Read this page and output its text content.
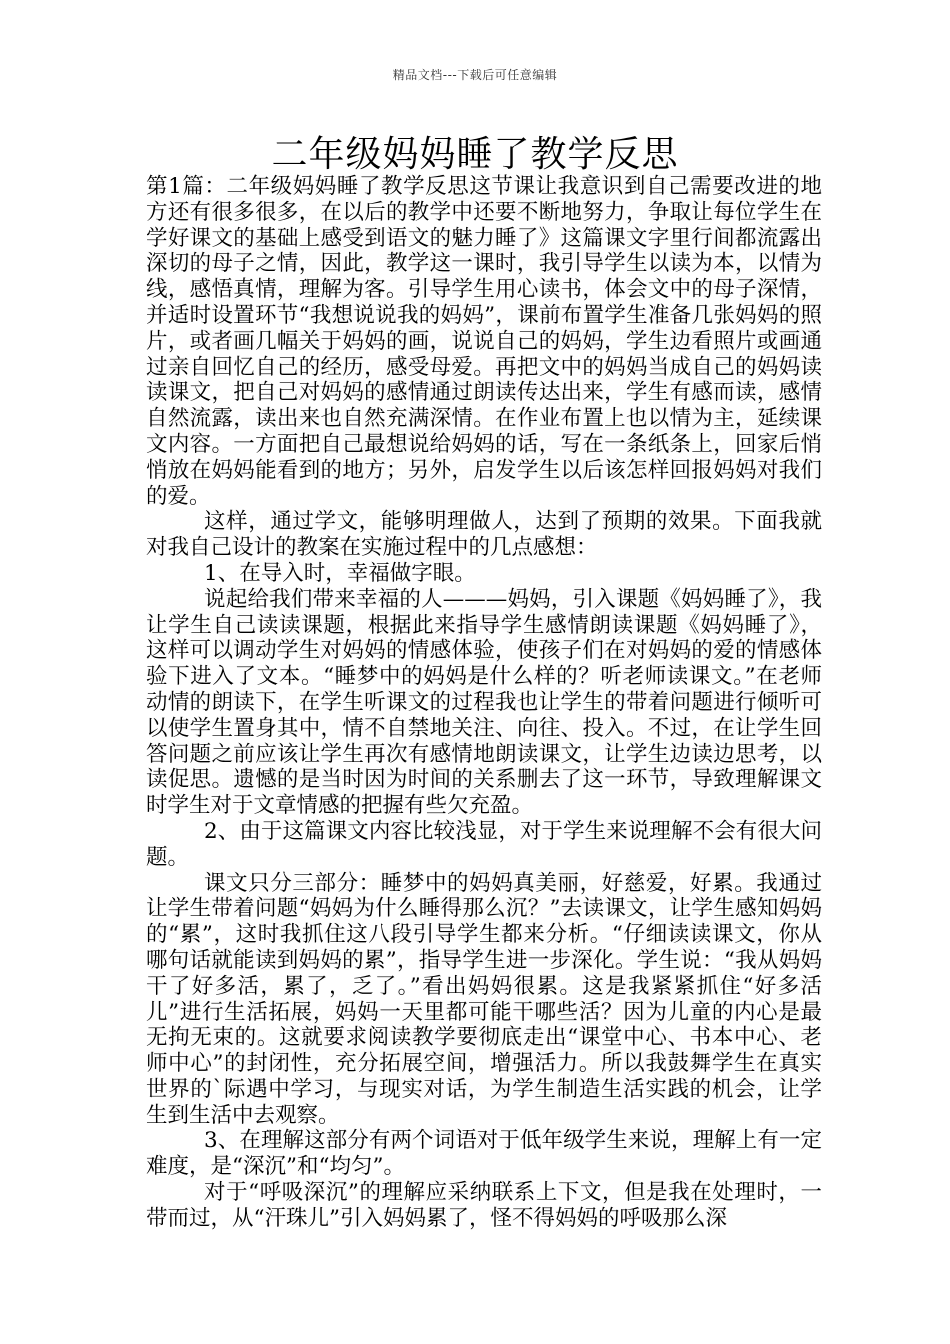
精品文档---下载后可任意编辑
二年级妈妈睡了教学反思

第1篇：二年级妈妈睡了教学反思这节课让我意识到自己需要改进的地方还有很多很多，在以后的教学中还要不断地努力，争取让每位学生在学好课文的基础上感受到语文的魅力睡了》这篇课文字里行间都流露出深切的母子之情，因此，教学这一课时，我引导学生以读为本，以情为线，感悟真情，理解为客。引导学生用心读书，体会文中的母子深情，并适时设置环节“我想说说我的妈妈”，课前布置学生准备几张妈妈的照片，或者画几幅关于妈妈的画，说说自己的妈妈，学生边看照片或画通过亲自回忆自己的经历，感受母爱。再把文中的妈妈当成自己的妈妈读读课文，把自己对妈妈的感情通过朗读传达出来，学生有感而读，感情自然流露，读出来也自然充满深情。在作业布置上也以情为主，延续课文内容。一方面把自己最想说给妈妈的话，写在一条纸条上，回家后悄悄放在妈妈能看到的地方；另外，启发学生以后该怎样回报妈妈对我们的爱。

这样，通过学文，能够明理做人，达到了预期的效果。下面我就对我自己设计的教案在实施过程中的几点感想：

1、在导入时，幸福做字眼。

说起给我们带来幸福的人———妈妈，引入课题《妈妈睡了》，我让学生自己读读课题，根据此来指导学生感情朗读课题《妈妈睡了》，这样可以调动学生对妈妈的情感体验，使孩子们在对妈妈的爱的情感体验下进入了文本。“睡梦中的妈妈是什么样的？听老师读课文。”在老师动情的朗读下，在学生听课文的过程我也让学生的带着问题进行倾听可以使学生置身其中，情不自禁地关注、向往、投入。不过，在让学生回答问题之前应该让学生再次有感情地朗读课文，让学生边读边思考，以读促思。遗憾的是当时因为时间的关系删去了这一环节，导致理解课文时学生对于文章情感的把握有些欠充盈。

2、由于这篇课文内容比较浅显，对于学生来说理解不会有很大问题。

课文只分三部分：睡梦中的妈妈真美丽，好慈爱，好累。我通过让学生带着问题“妈妈为什么睡得那么沉？”去读课文，让学生感知妈妈的“累”，这时我抓住这八段引导学生都来分析。“仔细读读课文，你从哪句话就能读到妈妈的累”，指导学生进一步深化。学生说：“我从妈妈干了好多活，累了，乏了。”看出妈妈很累。这是我紧紧抓住“好多活儿”进行生活拓展，妈妈一天里都可能干哪些活？因为儿童的内心是最无拘无束的。这就要求阅读教学要彻底走出“课堂中心、书本中心、老师中心”的封闭性，充分拓展空间，增强活力。所以我鼓舞学生在真实世界的`际遇中学习，与现实对话，为学生制造生活实践的机会，让学生到生活中去观察。

3、在理解这部分有两个词语对于低年级学生来说，理解上有一定难度，是“深沉”和“均匀”。

对于“呼吸深沉”的理解应采纳联系上下文，但是我在处理时，一带而过，从“汗珠儿”引入妈妈累了，怪不得妈妈的呼吸那么深
